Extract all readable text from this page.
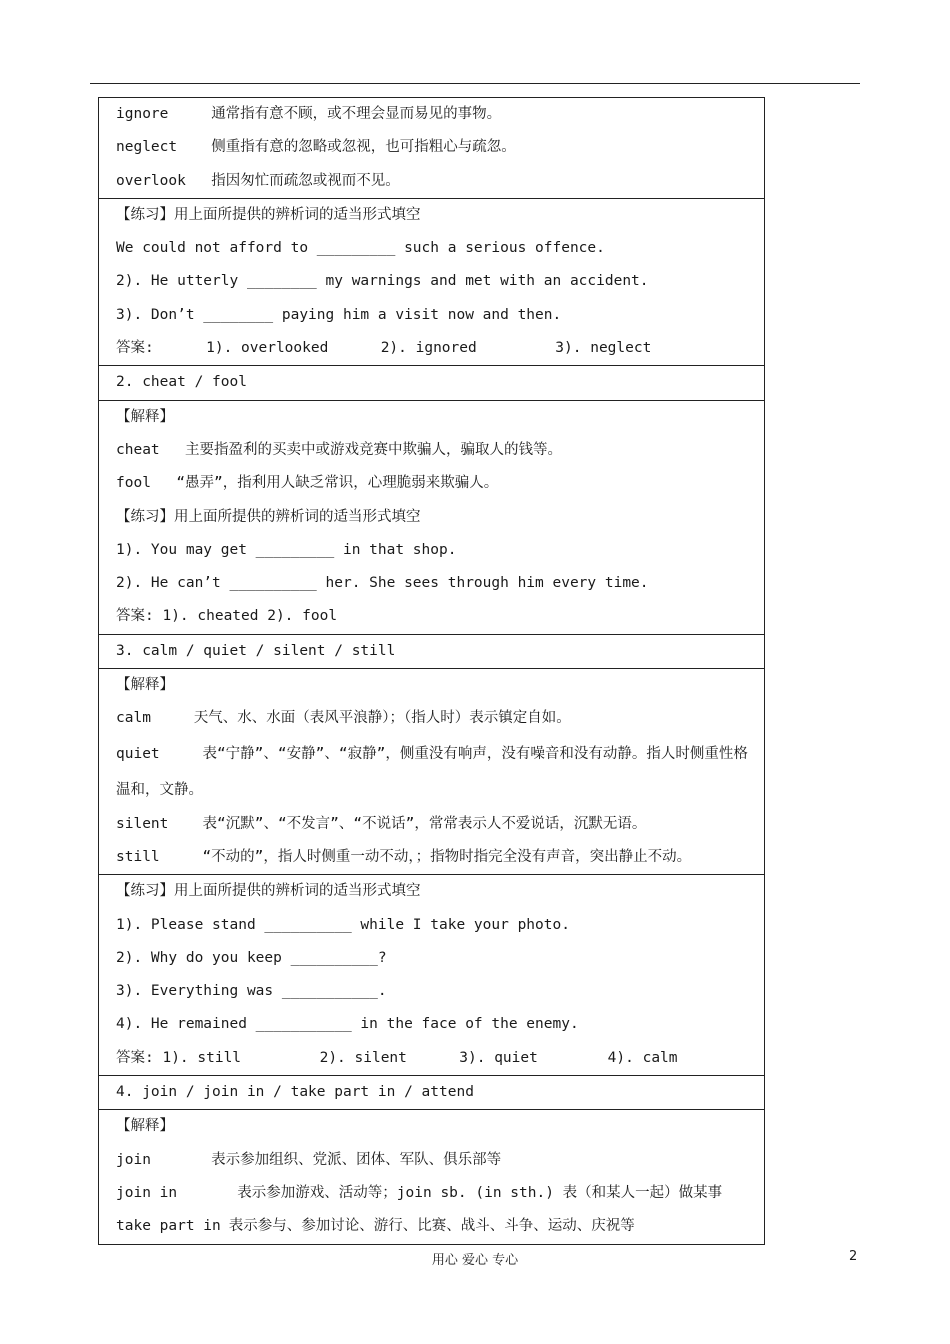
ignore	通常指有意不顾，或不理会显而易见的事物。
neglect 侧重指有意的忽略或忽视，也可指粗心与疏忽。
overlook 指因匆忙而疏忽或视而不见。
【练习】用上面所提供的辨析词的适当形式填空
We could not afford to _________ such a serious offence.
2). He utterly ________ my warnings and met with an accident.
3). Don’t ________ paying him a visit now and then.
答案:      1). overlooked      2). ignored         3). neglect
2. cheat / fool
【解释】
cheat 主要指盈利的买卖中或游戏竞赛中欺骗人，骗取人的钱等。
fool “愚弄”，指利用人缺乏常识，心理脆弱来欺骗人。
【练习】用上面所提供的辨析词的适当形式填空
1). You may get _________ in that shop.
2). He can’t __________ her. She sees through him every time.
答案: 1). cheated 2). fool
3. calm / quiet / silent / still
【解释】
calm	天气、水、水面（表风平浪静）；（指人时）表示镇定自如。
quiet	表“宁静”、“安静”、“寂静”，侧重没有响声，没有噪音和没有动静。指人时侧重性格温和，文静。
silent 表“沉默”、“不发言”、“不说话”，常常表示人不爱说话，沉默无语。
still	“不动的”，指人时侧重一动不动，；指物时指完全没有声音，突出静止不动。
【练习】用上面所提供的辨析词的适当形式填空
1). Please stand __________ while I take your photo.
2). Why do you keep __________?
3). Everything was ___________.
4). He remained ___________ in the face of the enemy.
答案: 1). still         2). silent      3). quiet        4). calm
4. join / join in / take part in / attend
【解释】
join	表示参加组织、党派、团体、军队、俱乐部等
join in	表示参加游戏、活动等；join sb. (in sth.) 表（和某人一起）做某事
take part in 表示参与、参加讨论、游行、比赛、战斗、斗争、运动、庆祝等
用心 爱心 专心	2
